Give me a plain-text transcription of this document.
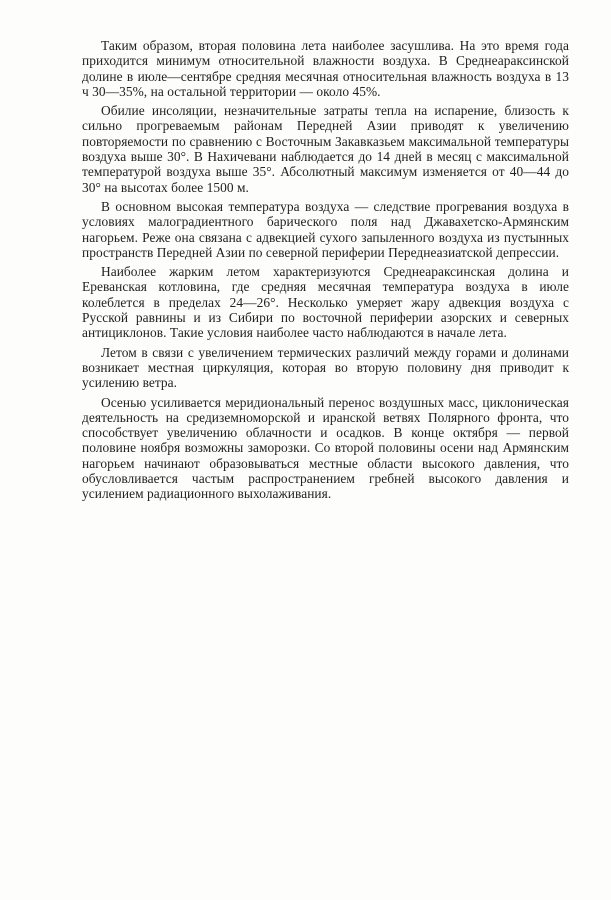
Таким образом, вторая половина лета наиболее засушлива. На это время года приходится минимум относительной влажности воздуха. В Среднеараксинской долине в июле—сентябре средняя месячная относительная влажность воздуха в 13 ч 30—35%, на остальной территории — около 45%.

Обилие инсоляции, незначительные затраты тепла на испарение, близость к сильно прогреваемым районам Передней Азии приводят к увеличению повторяемости по сравнению с Восточным Закавказьем максимальной температуры воздуха выше 30°. В Нахичевани наблюдается до 14 дней в месяц с максимальной температурой воздуха выше 35°. Абсолютный максимум изменяется от 40—44 до 30° на высотах более 1500 м.

В основном высокая температура воздуха — следствие прогревания воздуха в условиях малоградиентного барического поля над Джавахетско-Армянским нагорьем. Реже она связана с адвекцией сухого запыленного воздуха из пустынных пространств Передней Азии по северной периферии Переднеазиатской депрессии.

Наиболее жарким летом характеризуются Среднеараксинская долина и Ереванская котловина, где средняя месячная температура воздуха в июле колеблется в пределах 24—26°. Несколько умеряет жару адвекция воздуха с Русской равнины и из Сибири по восточной периферии азорских и северных антициклонов. Такие условия наиболее часто наблюдаются в начале лета.

Летом в связи с увеличением термических различий между горами и долинами возникает местная циркуляция, которая во вторую половину дня приводит к усилению ветра.

Осенью усиливается меридиональный перенос воздушных масс, циклоническая деятельность на средиземноморской и иранской ветвях Полярного фронта, что способствует увеличению облачности и осадков. В конце октября — первой половине ноября возможны заморозки. Со второй половины осени над Армянским нагорьем начинают образовываться местные области высокого давления, что обусловливается частым распространением гребней высокого давления и усилением радиационного выхолаживания.
